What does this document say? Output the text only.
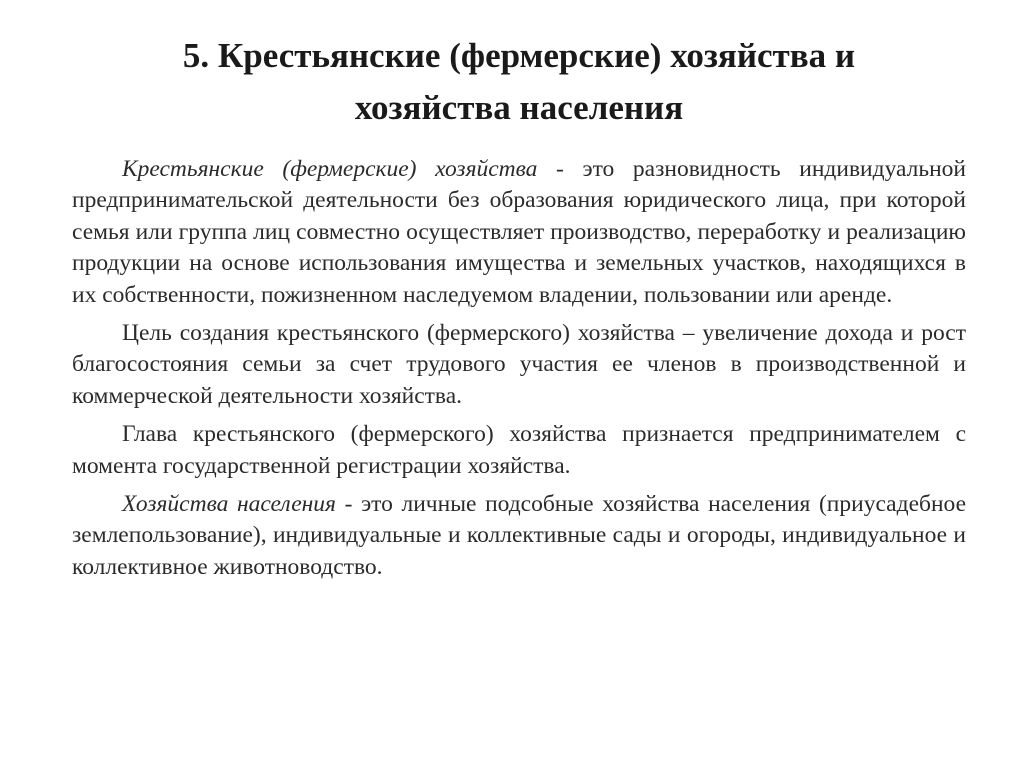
5. Крестьянские (фермерские) хозяйства и
хозяйства населения

Крестьянские (фермерские) хозяйства - это разновидность индивидуальной предпринимательской деятельности без образования юридического лица, при которой семья или группа лиц совместно осуществляет производство, переработку и реализацию продукции на основе использования имущества и земельных участков, находящихся в их собственности, пожизненном наследуемом владении, пользовании или аренде.

Цель создания крестьянского (фермерского) хозяйства – увеличение дохода и рост благосостояния семьи за счет трудового участия ее членов в производственной и коммерческой деятельности хозяйства.

Глава крестьянского (фермерского) хозяйства признается предпринимателем с момента государственной регистрации хозяйства.

Хозяйства населения - это личные подсобные хозяйства населения (приусадебное землепользование), индивидуальные и коллективные сады и огороды, индивидуальное и коллективное животноводство.
